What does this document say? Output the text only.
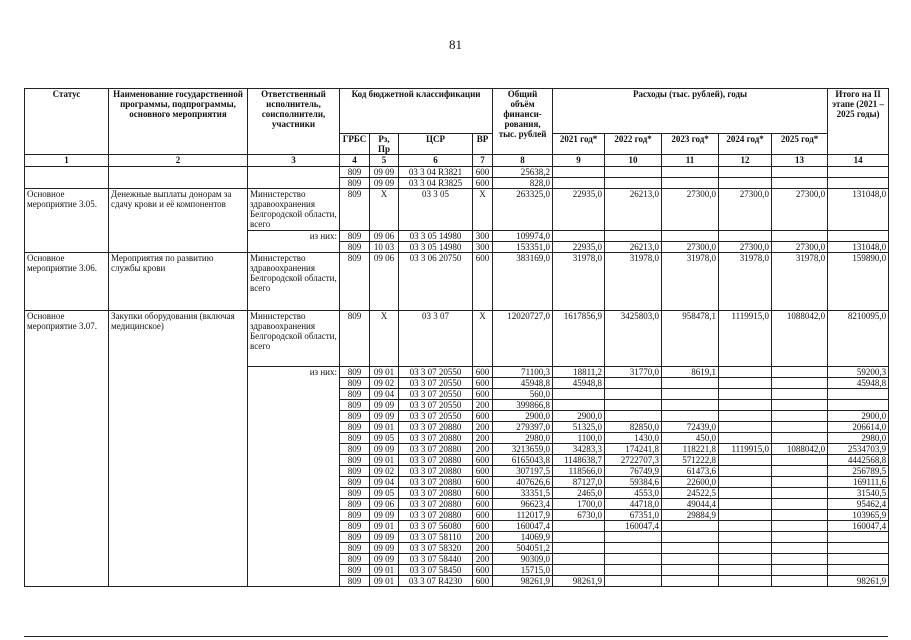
81
Статус	Наименование государственной программы, подпрограммы, основного мероприятия	Ответственный исполнитель, соисполнители, участники	Код бюджетной классификации				Общий объём финанси-рования, тыс. рублей	Расходы (тыс. рублей), годы					Итого на II этапе (2021 – 2025 годы)
			ГРБС	Рз, Пр	ЦСР	ВР		2021 год*	2022 год*	2023 год*	2024 год*	2025 год*	
1	2	3	4	5	6	7	8	9	10	11	12	13	14
			809	09 09	03 3 04 R3821	600	25638,2						
			809	09 09	03 3 04 R3825	600	828,0						
Основное мероприятие 3.05.	Денежные выплаты донорам за сдачу крови и её компонентов	Министерство здравоохранения Белгородской области, всего	809	Х	03 3 05	Х	263325,0	22935,0	26213,0	27300,0	27300,0	27300,0	131048,0
		из них:	809	09 06	03 3 05 14980	300	109974,0						
			809	10 03	03 3 05 14980	300	153351,0	22935,0	26213,0	27300,0	27300,0	27300,0	131048,0
Основное мероприятие 3.06.	Мероприятия по развитию службы крови	Министерство здравоохранения Белгородской области, всего	809	09 06	03 3 06 20750	600	383169,0	31978,0	31978,0	31978,0	31978,0	31978,0	159890,0
Основное мероприятие 3.07.	Закупки оборудования (включая медицинское)	Министерство здравоохранения Белгородской области, всего	809	Х	03 3 07	Х	12020727,0	1617856,9	3425803,0	958478,1	1119915,0	1088042,0	8210095,0
		из них:	809	09 01	03 3 07 20550	600	71100,3	18811,2	31770,0	8619,1			59200,3
			809	09 02	03 3 07 20550	600	45948,8	45948,8					45948,8
			809	09 04	03 3 07 20550	600	560,0						
			809	09 09	03 3 07 20550	200	399866,8						
			809	09 09	03 3 07 20550	600	2900,0	2900,0					2900,0
			809	09 01	03 3 07 20880	200	279397,0	51325,0	82850,0	72439,0			206614,0
			809	09 05	03 3 07 20880	200	2980,0	1100,0	1430,0	450,0			2980,0
			809	09 09	03 3 07 20880	200	3213659,0	34283,3	174241,8	118221,8	1119915,0	1088042,0	2534703,9
			809	09 01	03 3 07 20880	600	6165043,8	1148638,7	2722707,3	571222,8			4442568,8
			809	09 02	03 3 07 20880	600	307197,5	118566,0	76749,9	61473,6			256789,5
			809	09 04	03 3 07 20880	600	407626,6	87127,0	59384,6	22600,0			169111,6
			809	09 05	03 3 07 20880	600	33351,5	2465,0	4553,0	24522,5			31540,5
			809	09 06	03 3 07 20880	600	96623,4	1700,0	44718,0	49044,4			95462,4
			809	09 09	03 3 07 20880	600	112017,9	6730,0	67351,0	29884,9			103965,9
			809	09 01	03 3 07 56080	600	160047,4		160047,4				160047,4
			809	09 09	03 3 07 58110	200	14069,9						
			809	09 09	03 3 07 58320	200	504051,2						
			809	09 09	03 3 07 58440	200	90309,0						
			809	09 01	03 3 07 58450	600	15715,0						
			809	09 01	03 3 07 R4230	600	98261,9	98261,9					98261,9
